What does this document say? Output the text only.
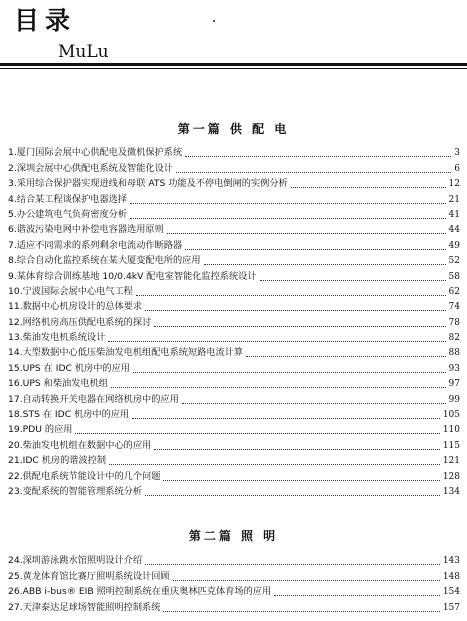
目录
MuLu
第一篇 供 配 电
1. 厦门国际会展中心供配电及微机保护系统	3
2. 深圳会展中心供配电系统及智能化设计	6
3. 采用综合保护器实现进线和母联 ATS 功能及不停电倒闸的实例分析	12
4. 结合某工程谈保护电器选择	21
5. 办公建筑电气负荷密度分析	41
6. 谐波污染电网中补偿电容器选用原则	44
7. 适应不同需求的系列剩余电流动作断路器	49
8. 综合自动化监控系统在某大厦变配电所的应用	52
9. 某体育综合训练基地 10/0.4kV 配电室智能化监控系统设计	58
10. 宁波国际会展中心电气工程	62
11. 数据中心机房设计的总体要求	74
12. 网络机房高压供配电系统的探讨	78
13. 柴油发电机系统设计	82
14. 大型数据中心低压柴油发电机组配电系统短路电流计算	88
15. UPS 在 IDC 机房中的应用	93
16. UPS 和柴油发电机组	97
17. 自动转换开关电器在网络机房中的应用	99
18. STS 在 IDC 机房中的应用	105
19. PDU 的应用	110
20. 柴油发电机组在数据中心的应用	115
21. IDC 机房的谐波控制	121
22. 供配电系统节能设计中的几个问题	128
23. 变配系统的智能管理系统分析	134
第二篇 照 明
24. 深圳游泳跳水馆照明设计介绍	143
25. 黄龙体育馆比赛厅照明系统设计回顾	148
26. ABB i-bus® EIB 照明控制系统在重庆奥林匹克体育场的应用	154
27. 天津泰达足球场智能照明控制系统	157
